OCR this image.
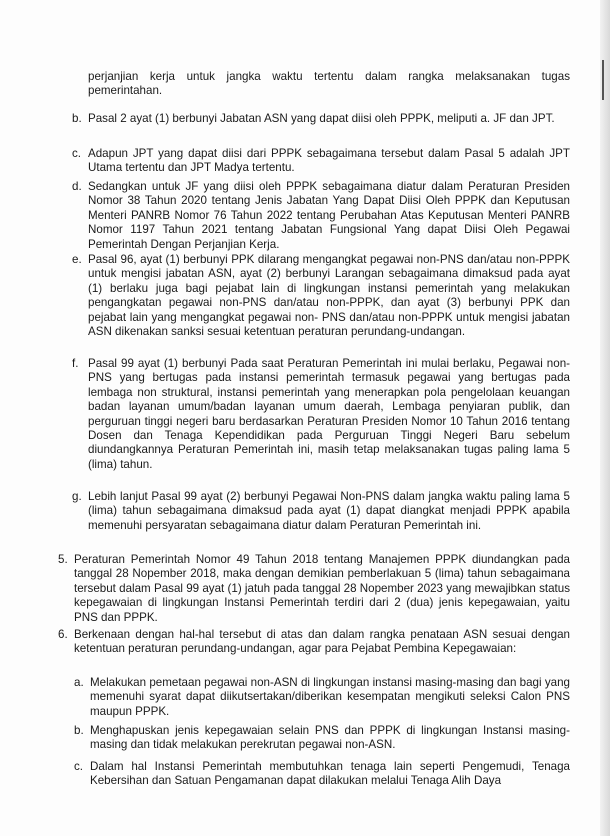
perjanjian kerja untuk jangka waktu tertentu dalam rangka melaksanakan tugas pemerintahan.

b. Pasal 2 ayat (1) berbunyi Jabatan ASN yang dapat diisi oleh PPPK, meliputi a. JF dan JPT.

c. Adapun JPT yang dapat diisi dari PPPK sebagaimana tersebut dalam Pasal 5 adalah JPT Utama tertentu dan JPT Madya tertentu.

d. Sedangkan untuk JF yang diisi oleh PPPK sebagaimana diatur dalam Peraturan Presiden Nomor 38 Tahun 2020 tentang Jenis Jabatan Yang Dapat Diisi Oleh PPPK dan Keputusan Menteri PANRB Nomor 76 Tahun 2022 tentang Perubahan Atas Keputusan Menteri PANRB Nomor 1197 Tahun 2021 tentang Jabatan Fungsional Yang dapat Diisi Oleh Pegawai Pemerintah Dengan Perjanjian Kerja.

e. Pasal 96, ayat (1) berbunyi PPK dilarang mengangkat pegawai non-PNS dan/atau non-PPPK untuk mengisi jabatan ASN, ayat (2) berbunyi Larangan sebagaimana dimaksud pada ayat (1) berlaku juga bagi pejabat lain di lingkungan instansi pemerintah yang melakukan pengangkatan pegawai non-PNS dan/atau non-PPPK, dan ayat (3) berbunyi PPK dan pejabat lain yang mengangkat pegawai non- PNS dan/atau non-PPPK untuk mengisi jabatan ASN dikenakan sanksi sesuai ketentuan peraturan perundang-undangan.

f. Pasal 99 ayat (1) berbunyi Pada saat Peraturan Pemerintah ini mulai berlaku, Pegawai non-PNS yang bertugas pada instansi pemerintah termasuk pegawai yang bertugas pada lembaga non struktural, instansi pemerintah yang menerapkan pola pengelolaan keuangan badan layanan umum/badan layanan umum daerah, Lembaga penyiaran publik, dan perguruan tinggi negeri baru berdasarkan Peraturan Presiden Nomor 10 Tahun 2016 tentang Dosen dan Tenaga Kependidikan pada Perguruan Tinggi Negeri Baru sebelum diundangkannya Peraturan Pemerintah ini, masih tetap melaksanakan tugas paling lama 5 (lima) tahun.

g. Lebih lanjut Pasal 99 ayat (2) berbunyi Pegawai Non-PNS dalam jangka waktu paling lama 5 (lima) tahun sebagaimana dimaksud pada ayat (1) dapat diangkat menjadi PPPK apabila memenuhi persyaratan sebagaimana diatur dalam Peraturan Pemerintah ini.

5. Peraturan Pemerintah Nomor 49 Tahun 2018 tentang Manajemen PPPK diundangkan pada tanggal 28 Nopember 2018, maka dengan demikian pemberlakuan 5 (lima) tahun sebagaimana tersebut dalam Pasal 99 ayat (1) jatuh pada tanggal 28 Nopember 2023 yang mewajibkan status kepegawaian di lingkungan Instansi Pemerintah terdiri dari 2 (dua) jenis kepegawaian, yaitu PNS dan PPPK.

6. Berkenaan dengan hal-hal tersebut di atas dan dalam rangka penataan ASN sesuai dengan ketentuan peraturan perundang-undangan, agar para Pejabat Pembina Kepegawaian:

a. Melakukan pemetaan pegawai non-ASN di lingkungan instansi masing-masing dan bagi yang memenuhi syarat dapat diikutsertakan/diberikan kesempatan mengikuti seleksi Calon PNS maupun PPPK.

b. Menghapuskan jenis kepegawaian selain PNS dan PPPK di lingkungan Instansi masing-masing dan tidak melakukan perekrutan pegawai non-ASN.

c. Dalam hal Instansi Pemerintah membutuhkan tenaga lain seperti Pengemudi, Tenaga Kebersihan dan Satuan Pengamanan dapat dilakukan melalui Tenaga Alih Daya
